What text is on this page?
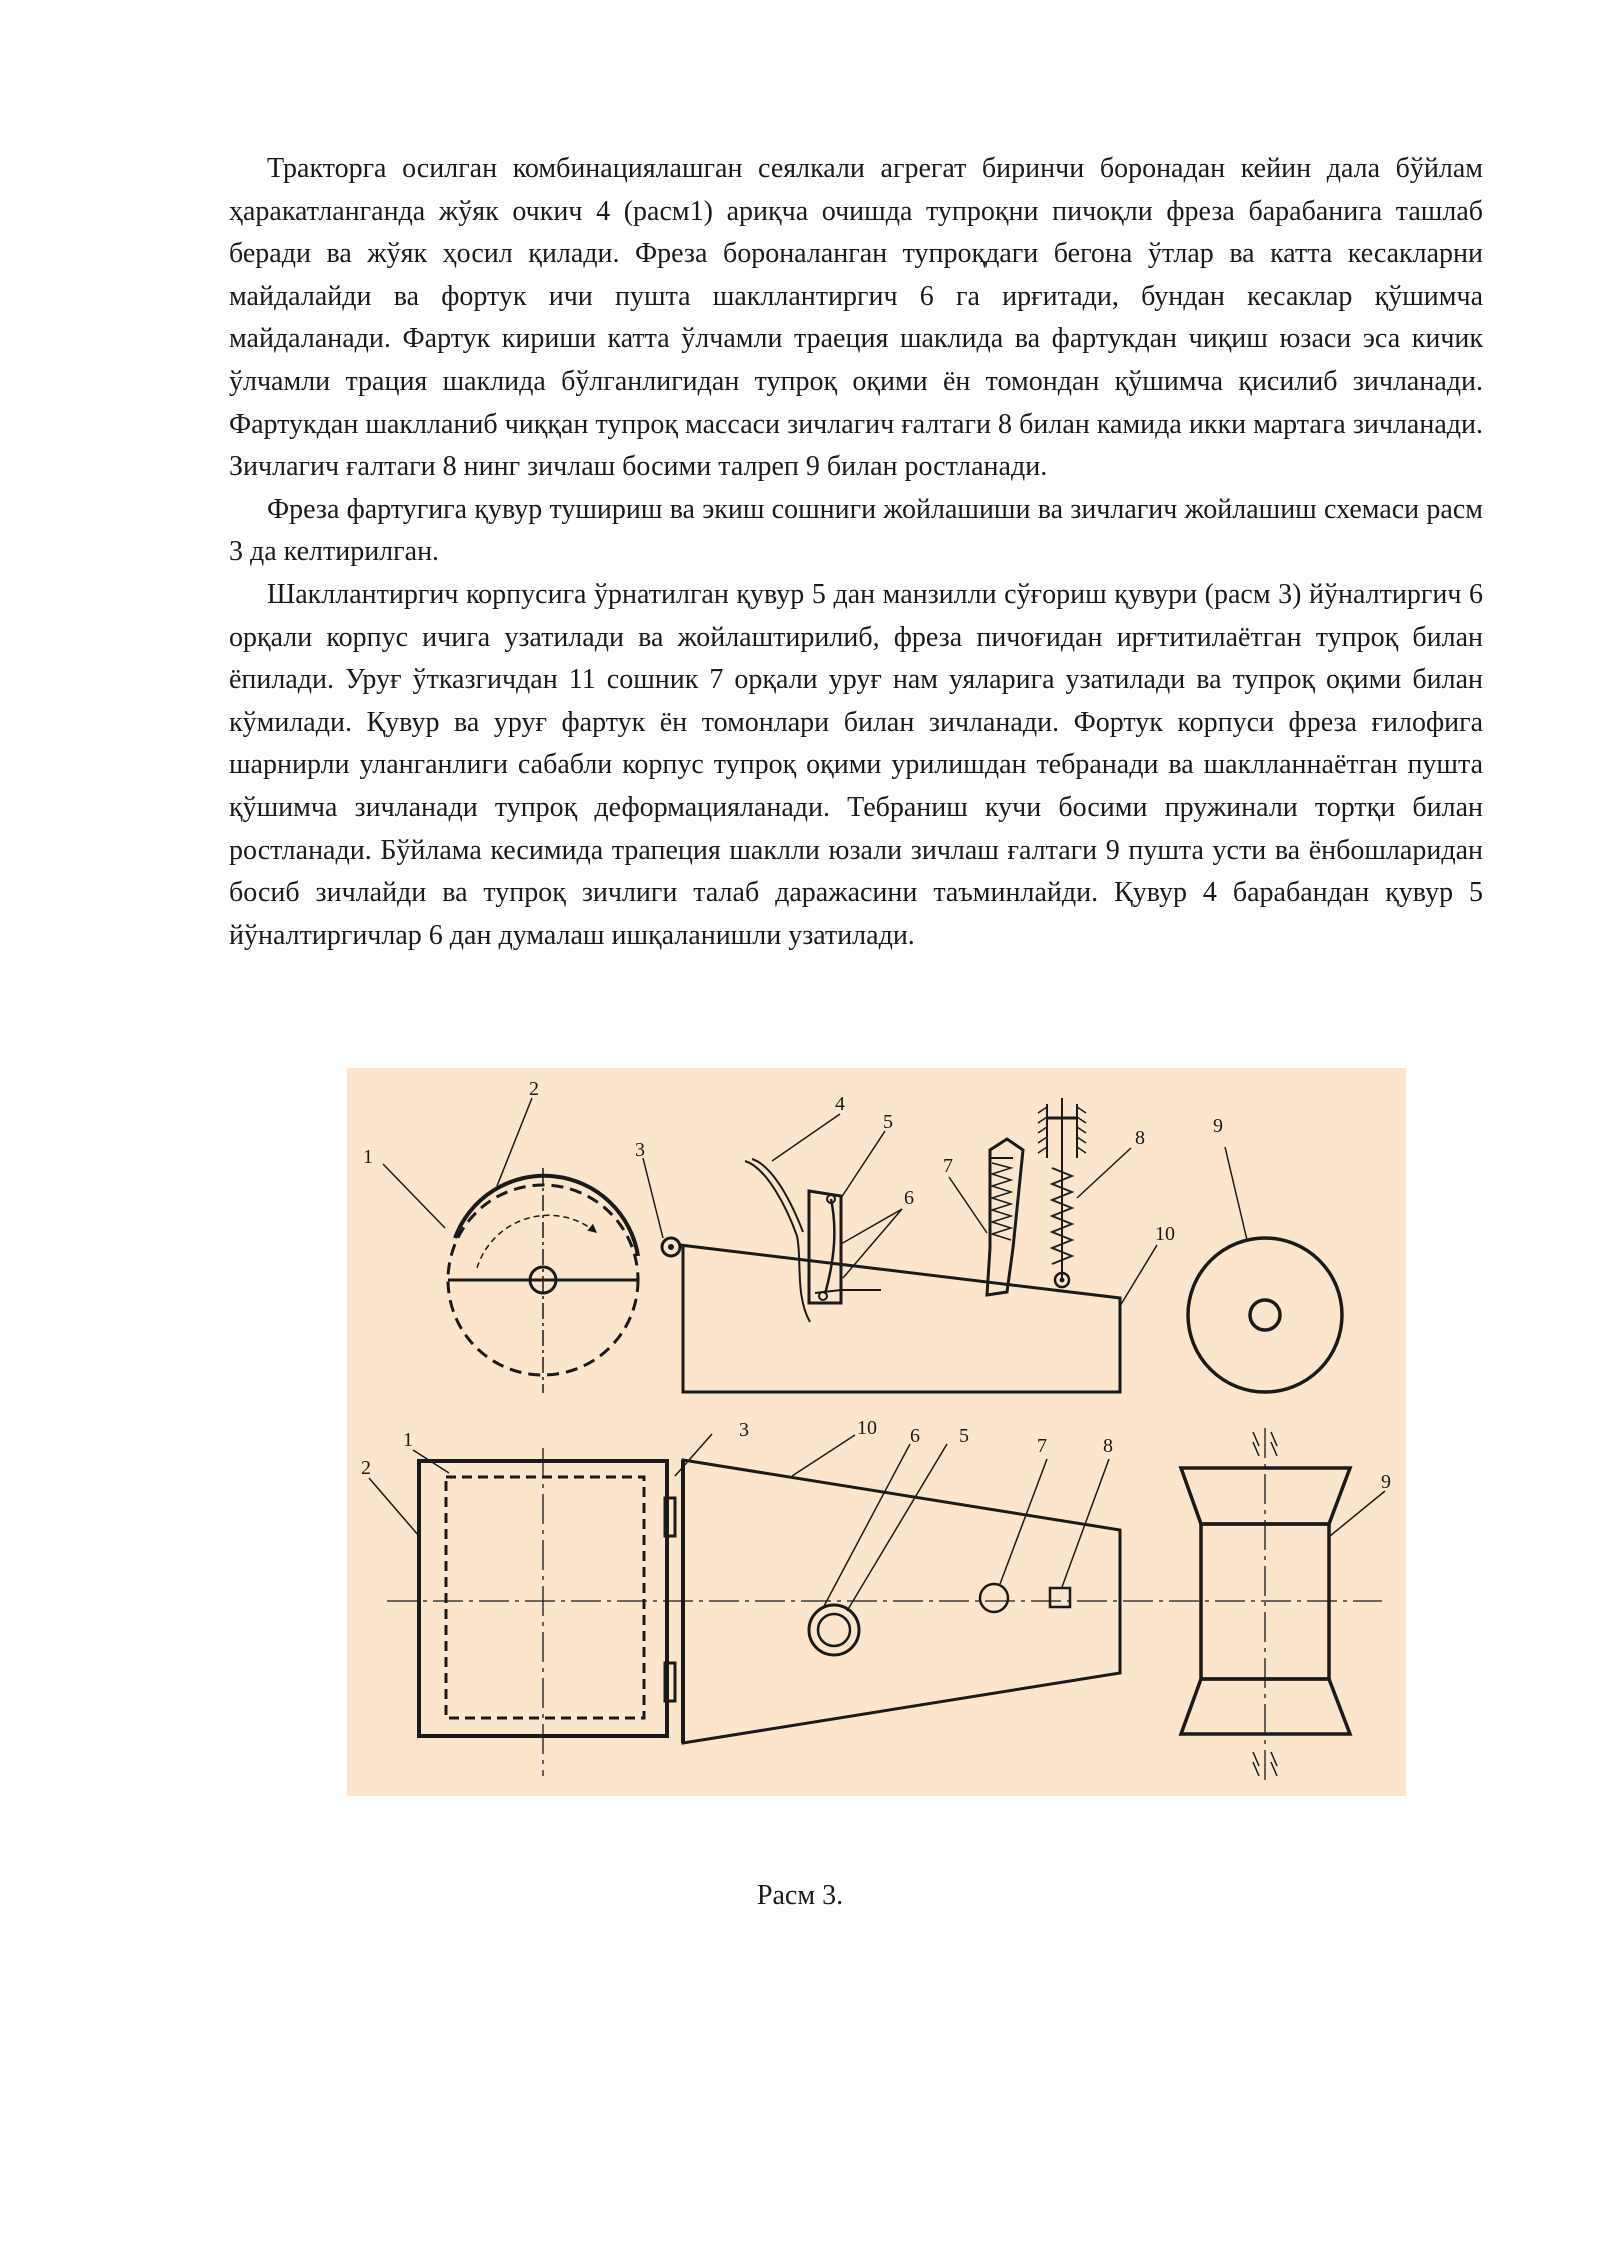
Тракторга осилган комбинациялашган сеялкали агрегат биринчи боронадан кейин дала бўйлам ҳаракатланганда жўяк очкич 4 (расм1) ариқча очишда тупроқни пичоқли фреза барабанига ташлаб беради ва жўяк ҳосил қилади. Фреза бороналанган тупроқдаги бегона ўтлар ва катта кесакларни майдалайди ва фортук ичи пушта шакллантиргич 6 га ирғитади, бундан кесаклар қўшимча майдаланади. Фартук кириши катта ўлчамли траеция шаклида ва фартукдан чиқиш юзаси эса кичик ўлчамли трация шаклида бўлганлигидан тупроқ оқими ён томондан қўшимча қисилиб зичланади. Фартукдан шаклланиб чиққан тупроқ массаси зичлагич ғалтаги 8 билан камида икки мартага зичланади. Зичлагич ғалтаги 8 нинг зичлаш босими талреп 9 билан ростланади.

Фреза фартугига қувур тушириш ва экиш сошниги жойлашиши ва зичлагич жойлашиш схемаси расм 3 да келтирилган.

Шакллантиргич корпусига ўрнатилган қувур 5 дан манзилли сўғориш қувури (расм 3) йўналтиргич 6 орқали корпус ичига узатилади ва жойлаштирилиб, фреза пичоғидан ирғтитилаётган тупроқ билан ёпилади. Уруғ ўтказгичдан 11 сошник 7 орқали уруғ нам уяларига узатилади ва тупроқ оқими билан кўмилади. Қувур ва уруғ фартук ён томонлари билан зичланади. Фортук корпуси фреза ғилофига шарнирли уланганлиги сабабли корпус тупроқ оқими урилишдан тебранади ва шаклланнаётган пушта қўшимча зичланади тупроқ деформацияланади. Тебраниш кучи босими пружинали тортқи билан ростланади. Бўйлама кесимида трапеция шаклли юзали зичлаш ғалтаги 9 пушта усти ва ёнбошларидан босиб зичлайди ва тупроқ зичлиги талаб даражасини таъминлайди. Қувур 4 барабандан қувур 5 йўналтиргичлар 6 дан думалаш ишқаланишли узатилади.

1
2
3
4
5
6
7
8
9
10
1
2
3	10 6 5	7	8
9
Расм 3.
